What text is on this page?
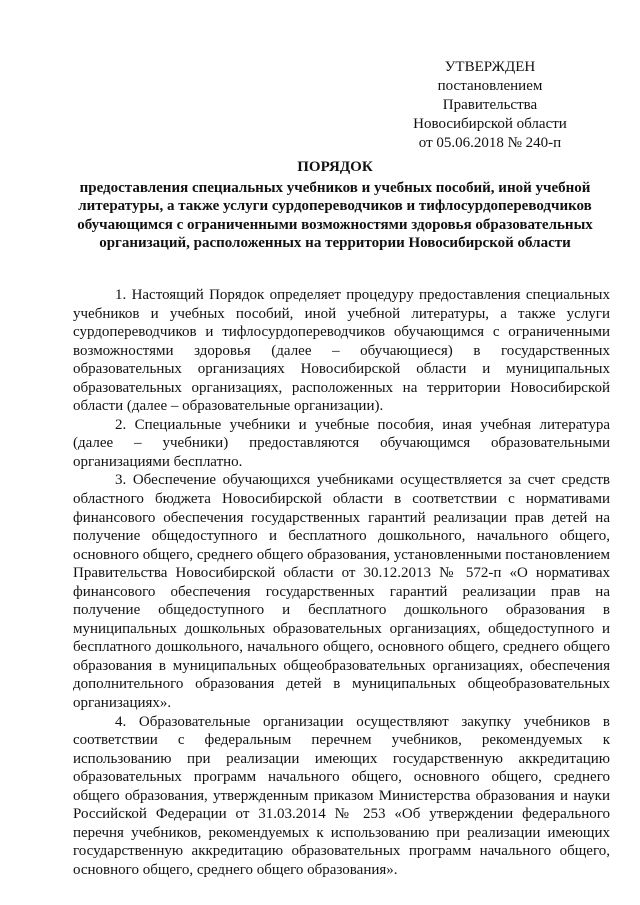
УТВЕРЖДЕН
постановлением Правительства
Новосибирской области
от 05.06.2018 № 240-п
ПОРЯДОК
предоставления специальных учебников и учебных пособий, иной учебной литературы, а также услуги сурдопереводчиков и тифлосурдопереводчиков обучающимся с ограниченными возможностями здоровья образовательных организаций, расположенных на территории Новосибирской области

1. Настоящий Порядок определяет процедуру предоставления специальных учебников и учебных пособий, иной учебной литературы, а также услуги сурдопереводчиков и тифлосурдопереводчиков обучающимся с ограниченными возможностями здоровья (далее – обучающиеся) в государственных образовательных организациях Новосибирской области и муниципальных образовательных организациях, расположенных на территории Новосибирской области (далее – образовательные организации).

2. Специальные учебники и учебные пособия, иная учебная литература (далее – учебники) предоставляются обучающимся образовательными организациями бесплатно.

3. Обеспечение обучающихся учебниками осуществляется за счет средств областного бюджета Новосибирской области в соответствии с нормативами финансового обеспечения государственных гарантий реализации прав детей на получение общедоступного и бесплатного дошкольного, начального общего, основного общего, среднего общего образования, установленными постановлением Правительства Новосибирской области от 30.12.2013 № 572-п «О нормативах финансового обеспечения государственных гарантий реализации прав на получение общедоступного и бесплатного дошкольного образования в муниципальных дошкольных образовательных организациях, общедоступного и бесплатного дошкольного, начального общего, основного общего, среднего общего образования в муниципальных общеобразовательных организациях, обеспечения дополнительного образования детей в муниципальных общеобразовательных организациях».

4. Образовательные организации осуществляют закупку учебников в соответствии с федеральным перечнем учебников, рекомендуемых к использованию при реализации имеющих государственную аккредитацию образовательных программ начального общего, основного общего, среднего общего образования, утвержденным приказом Министерства образования и науки Российской Федерации от 31.03.2014 № 253 «Об утверждении федерального перечня учебников, рекомендуемых к использованию при реализации имеющих государственную аккредитацию образовательных программ начального общего, основного общего, среднего общего образования».
